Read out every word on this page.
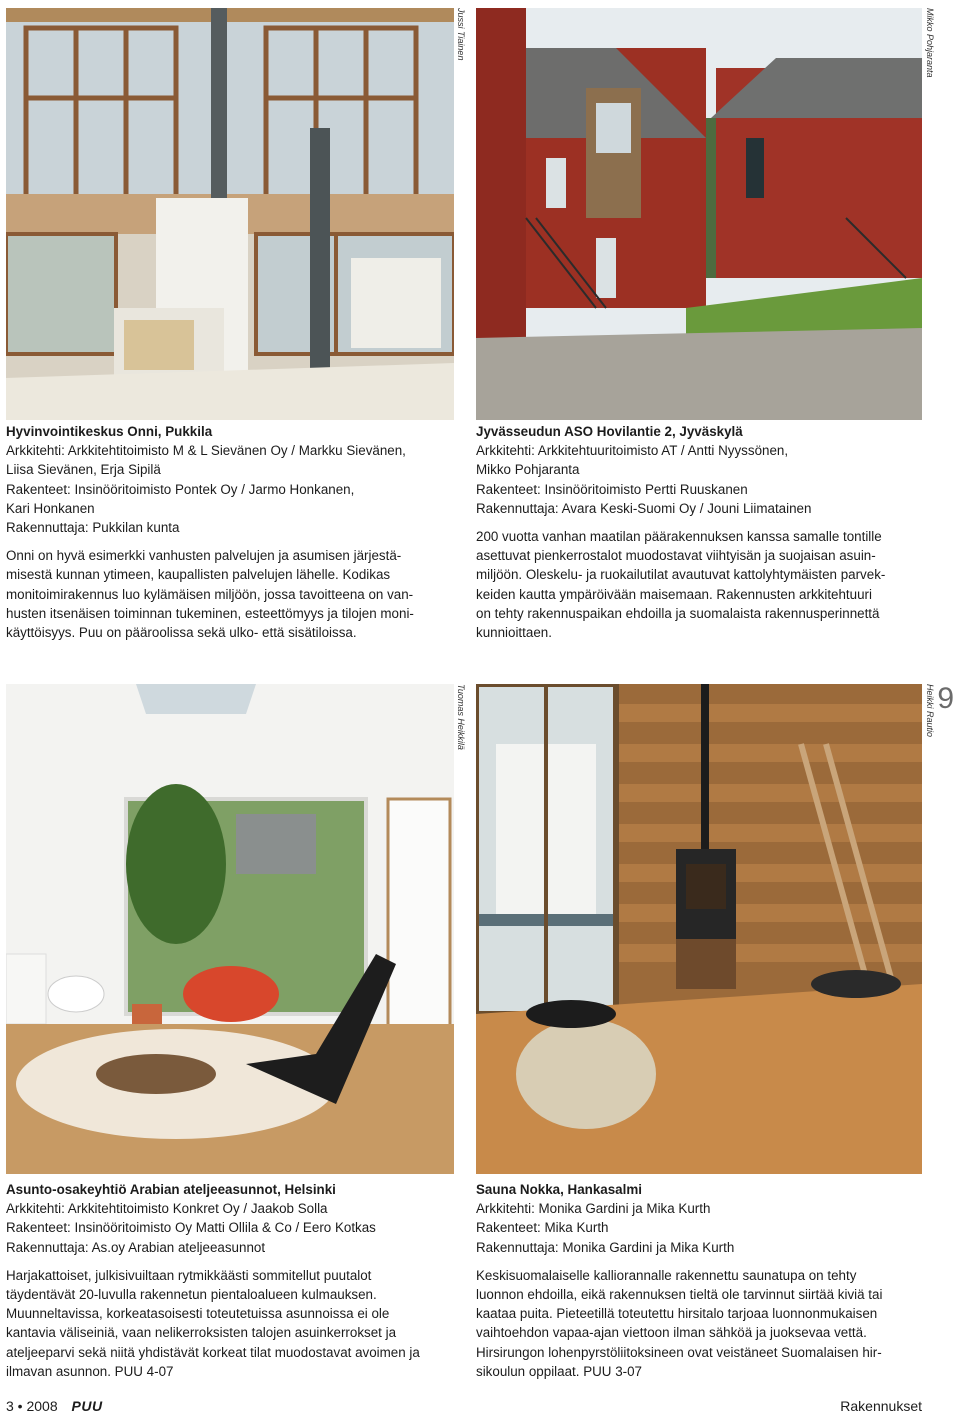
Jussi Tiainen	Mikko Pohjaranta
Hyvinvointikeskus Onni, Pukkila
Arkkitehti: Arkkitehtitoimisto M & L Sievänen Oy / Markku Sievänen,
Liisa Sievänen, Erja Sipilä
Rakenteet: Insinööritoimisto Pontek Oy / Jarmo Honkanen,
Kari Honkanen
Rakennuttaja: Pukkilan kunta
Onni on hyvä esimerkki vanhusten palvelujen ja asumisen järjestä-
misestä kunnan ytimeen, kaupallisten palvelujen lähelle. Kodikas
monitoimirakennus luo kylämäisen miljöön, jossa tavoitteena on van-
husten itsenäisen toiminnan tukeminen, esteettömyys ja tilojen moni-
käyttöisyys. Puu on pääroolissa sekä ulko- että sisätiloissa.
Jyvässeudun ASO Hovilantie 2, Jyväskylä
Arkkitehti: Arkkitehtuuritoimisto AT / Antti Nyyssönen,
Mikko Pohjaranta
Rakenteet: Insinööritoimisto Pertti Ruuskanen
Rakennuttaja: Avara Keski-Suomi Oy / Jouni Liimatainen
200 vuotta vanhan maatilan päärakennuksen kanssa samalle tontille
asettuvat pienkerrostalot muodostavat viihtyisän ja suojaisan asuin-
miljöön. Oleskelu- ja ruokailutilat avautuvat kattolyhtymäisten parvek-
keiden kautta ympäröivään maisemaan. Rakennusten arkkitehtuuri
on tehty rakennuspaikan ehdoilla ja suomalaista rakennusperinnettä
kunnioittaen.
Tuomas Heikkilä	Heikki Rautio 9
Asunto-osakeyhtiö Arabian ateljeeasunnot, Helsinki
Arkkitehti: Arkkitehtitoimisto Konkret Oy / Jaakob Solla
Rakenteet: Insinööritoimisto Oy Matti Ollila & Co / Eero Kotkas
Rakennuttaja: As.oy Arabian ateljeeasunnot
Harjakattoiset, julkisivuiltaan rytmikkäästi sommitellut puutalot
täydentävät 20-luvulla rakennetun pientaloalueen kulmauksen.
Muunneltavissa, korkeatasoisesti toteutetuissa asunnoissa ei ole
kantavia väliseiniä, vaan nelikerroksisten talojen asuinkerrokset ja
ateljeeparvi sekä niitä yhdistävät korkeat tilat muodostavat avoimen ja
ilmavan asunnon. PUU 4-07
Sauna Nokka, Hankasalmi
Arkkitehti: Monika Gardini ja Mika Kurth
Rakenteet: Mika Kurth
Rakennuttaja: Monika Gardini ja Mika Kurth
Keskisuomalaiselle kalliorannalle rakennettu saunatupa on tehty
luonnon ehdoilla, eikä rakennuksen tieltä ole tarvinnut siirtää kiviä tai
kaataa puita. Pieteetillä toteutettu hirsitalo tarjoaa luonnonmukaisen
vaihtoehdon vapaa-ajan viettoon ilman sähköä ja juoksevaa vettä.
Hirsirungon lohenpyrstöliitoksineen ovat veistäneet Suomalaisen hir-
sikoulun oppilaat. PUU 3-07
3 • 2008 PUU	Rakennukset
